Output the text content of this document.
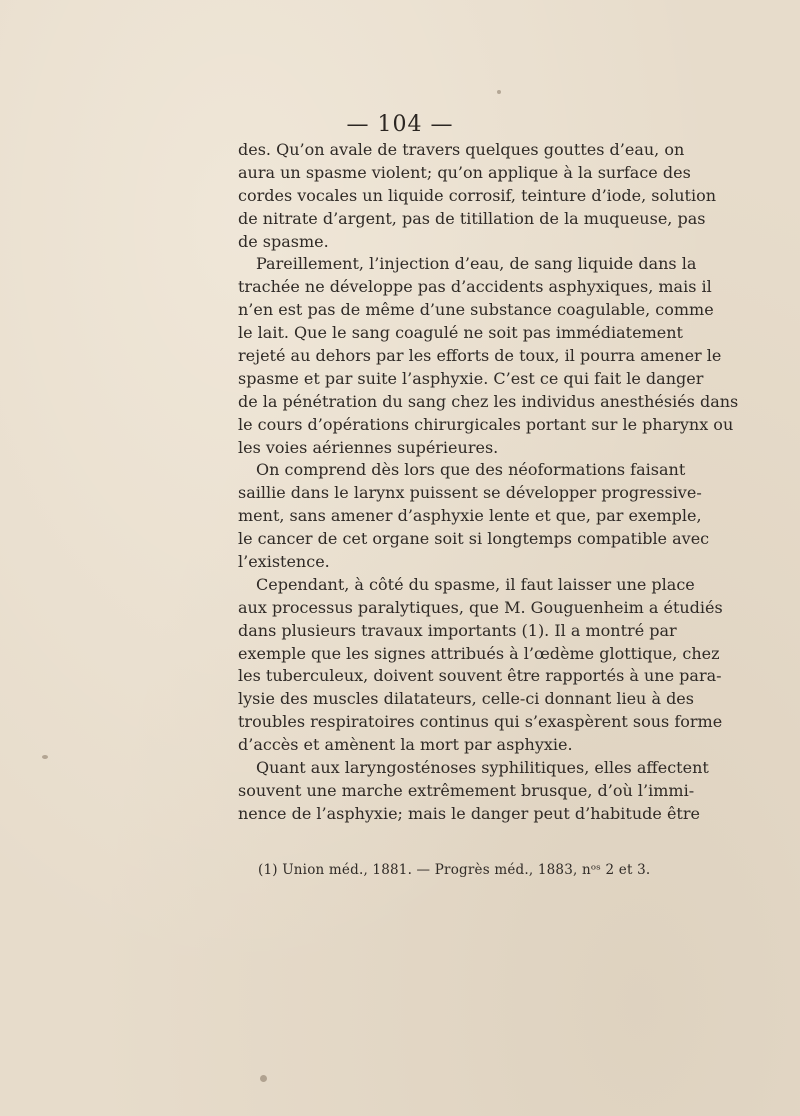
— 104 —
des. Qu’on avale de travers quelques gouttes d’eau, on
aura un spasme violent; qu’on applique à la surface des
cordes vocales un liquide corrosif, teinture d’iode, solution
de nitrate d’argent, pas de titillation de la muqueuse, pas
de spasme.
Pareillement, l’injection d’eau, de sang liquide dans la
trachée ne développe pas d’accidents asphyxiques, mais il
n’en est pas de même d’une substance coagulable, comme
le lait. Que le sang coagulé ne soit pas immédiatement
rejeté au dehors par les efforts de toux, il pourra amener le
spasme et par suite l’asphyxie. C’est ce qui fait le danger
de la pénétration du sang chez les individus anesthésiés dans
le cours d’opérations chirurgicales portant sur le pharynx ou
les voies aériennes supérieures.
On comprend dès lors que des néoformations faisant
saillie dans le larynx puissent se développer progressive-
ment, sans amener d’asphyxie lente et que, par exemple,
le cancer de cet organe soit si longtemps compatible avec
l’existence.
Cependant, à côté du spasme, il faut laisser une place
aux processus paralytiques, que M. Gouguenheim a étudiés
dans plusieurs travaux importants (1). Il a montré par
exemple que les signes attribués à l’œdème glottique, chez
les tuberculeux, doivent souvent être rapportés à une para-
lysie des muscles dilatateurs, celle-ci donnant lieu à des
troubles respiratoires continus qui s’exaspèrent sous forme
d’accès et amènent la mort par asphyxie.
Quant aux laryngosténoses syphilitiques, elles affectent
souvent une marche extrêmement brusque, d’où l’immi-
nence de l’asphyxie; mais le danger peut d’habitude être
(1) Union méd., 1881. — Progrès méd., 1883, nᵒˢ 2 et 3.
